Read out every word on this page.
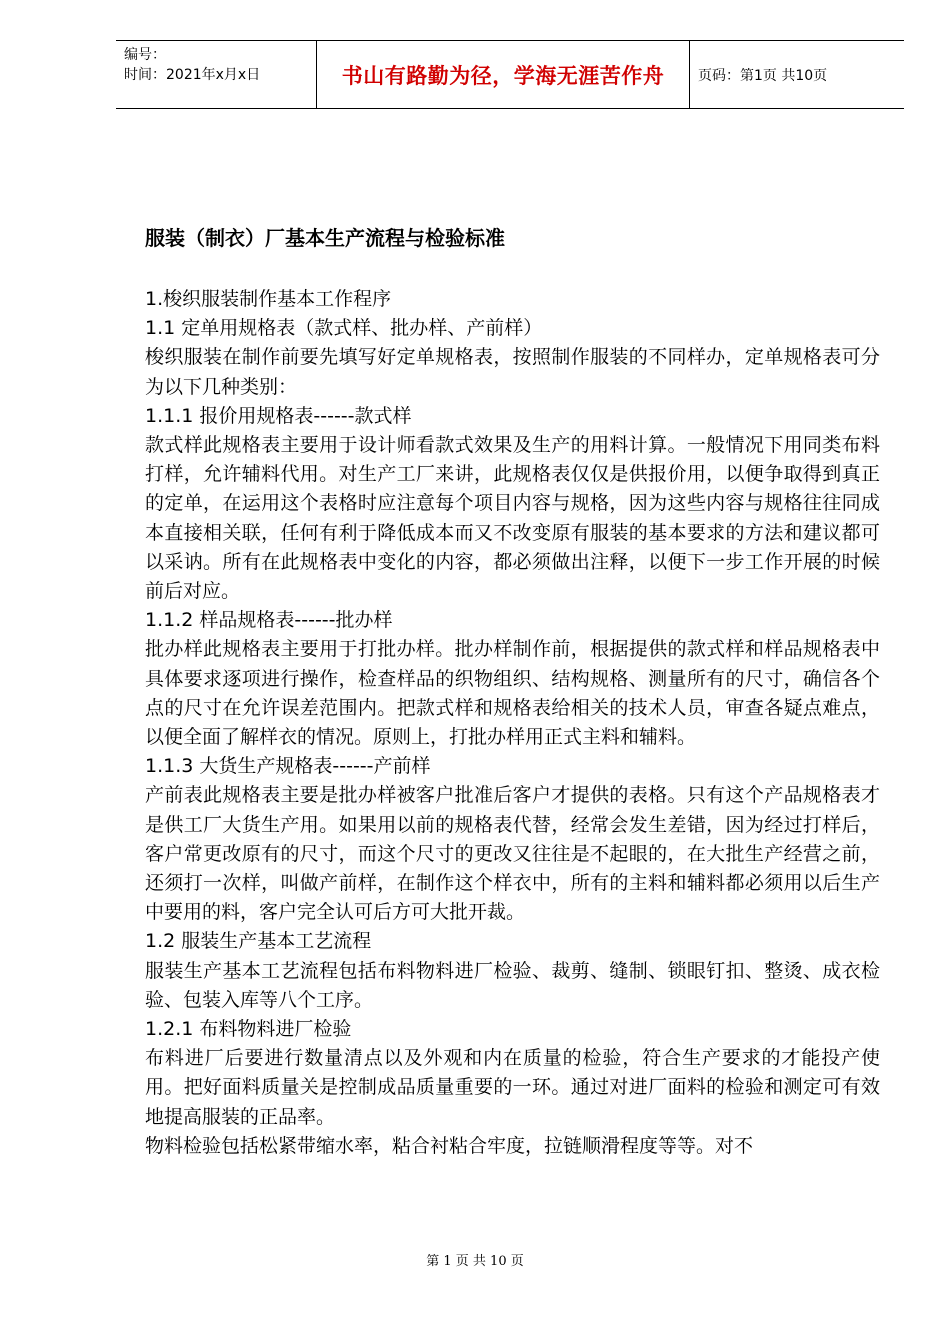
编号：
时间：2021年x月x日	书山有路勤为径，学海无涯苦作舟 页码：第1页 共10页
服装（制衣）厂基本生产流程与检验标准

1.梭织服装制作基本工作程序

1.1 定单用规格表（款式样、批办样、产前样）

梭织服装在制作前要先填写好定单规格表，按照制作服装的不同样办，定单规格表可分为以下几种类别：

1.1.1 报价用规格表------款式样

款式样此规格表主要用于设计师看款式效果及生产的用料计算。一般情况下用同类布料打样，允许辅料代用。对生产工厂来讲，此规格表仅仅是供报价用，以便争取得到真正的定单，在运用这个表格时应注意每个项目内容与规格，因为这些内容与规格往往同成本直接相关联，任何有利于降低成本而又不改变原有服装的基本要求的方法和建议都可以采讷。所有在此规格表中变化的内容，都必须做出注释，以便下一步工作开展的时候前后对应。

1.1.2 样品规格表------批办样

批办样此规格表主要用于打批办样。批办样制作前，根据提供的款式样和样品规格表中具体要求逐项进行操作，检查样品的织物组织、结构规格、测量所有的尺寸，确信各个点的尺寸在允许误差范围内。把款式样和规格表给相关的技术人员，审查各疑点难点，以便全面了解样衣的情况。原则上，打批办样用正式主料和辅料。

1.1.3 大货生产规格表------产前样

产前表此规格表主要是批办样被客户批准后客户才提供的表格。只有这个产品规格表才是供工厂大货生产用。如果用以前的规格表代替，经常会发生差错，因为经过打样后，客户常更改原有的尺寸，而这个尺寸的更改又往往是不起眼的，在大批生产经营之前，还须打一次样，叫做产前样，在制作这个样衣中，所有的主料和辅料都必须用以后生产中要用的料，客户完全认可后方可大批开裁。

1.2 服装生产基本工艺流程

服装生产基本工艺流程包括布料物料进厂检验、裁剪、缝制、锁眼钉扣、整烫、成衣检验、包装入库等八个工序。

1.2.1 布料物料进厂检验

布料进厂后要进行数量清点以及外观和内在质量的检验，符合生产要求的才能投产使用。把好面料质量关是控制成品质量重要的一环。通过对进厂面料的检验和测定可有效地提高服装的正品率。

物料检验包括松紧带缩水率，粘合衬粘合牢度，拉链顺滑程度等等。对不

第 1 页 共 10 页
